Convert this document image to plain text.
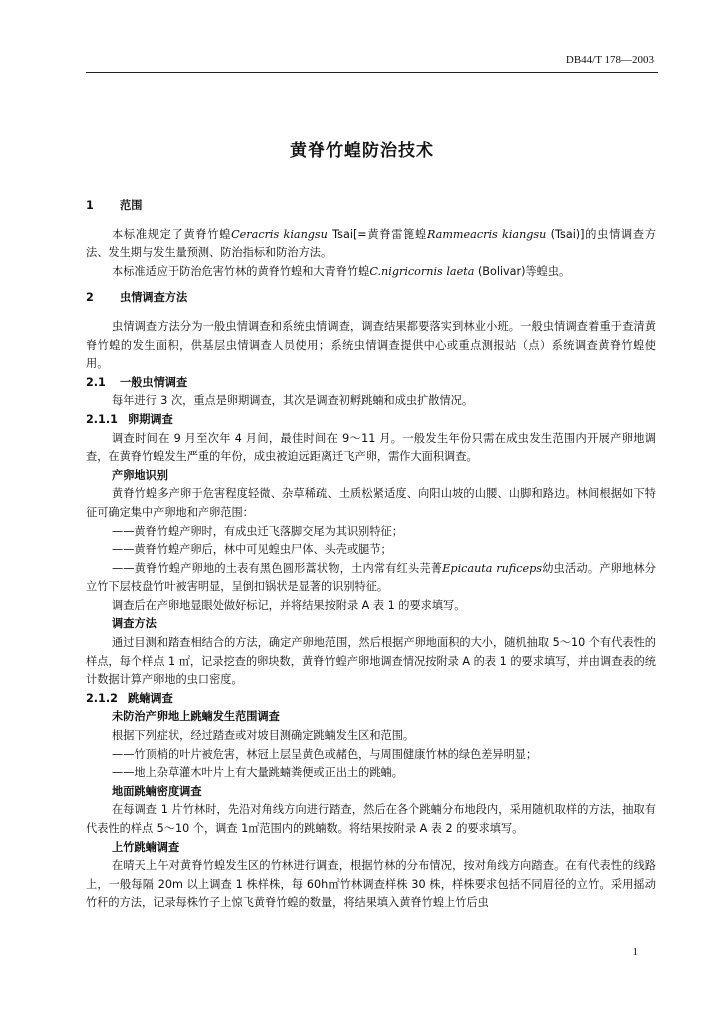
DB44/T 178—2003
黄脊竹蝗防治技术

1 范围

本标准规定了黄脊竹蝗Ceracris kiangsu Tsai[=黄脊雷篦蝗Rammeacris kiangsu (Tsai)]的虫情调查方法、发生期与发生量预测、防治指标和防治方法。

本标准适应于防治危害竹林的黄脊竹蝗和大青脊竹蝗C.nigricornis laeta (Bolivar)等蝗虫。

2 虫情调查方法

虫情调查方法分为一般虫情调查和系统虫情调查，调查结果都要落实到林业小班。一般虫情调查着重于查清黄脊竹蝗的发生面积，供基层虫情调查人员使用；系统虫情调查提供中心或重点测报站（点）系统调查黄脊竹蝗使用。

2.1 一般虫情调查

每年进行 3 次，重点是卵期调查，其次是调查初孵跳蝻和成虫扩散情况。

2.1.1 卵期调查

调查时间在 9 月至次年 4 月间，最佳时间在 9～11 月。一般发生年份只需在成虫发生范围内开展产卵地调查，在黄脊竹蝗发生严重的年份，成虫被迫远距离迁飞产卵，需作大面积调查。

产卵地识别

黄脊竹蝗多产卵于危害程度轻微、杂草稀疏、土质松紧适度、向阳山坡的山腰、山脚和路边。林间根据如下特征可确定集中产卵地和产卵范围：

——黄脊竹蝗产卵时，有成虫迁飞落脚交尾为其识别特征；

——黄脊竹蝗产卵后，林中可见蝗虫尸体、头壳或腿节；

——黄脊竹蝗产卵地的土表有黑色圆形蒿状物，土内常有红头芫菁Epicauta ruficeps幼虫活动。产卵地林分立竹下层枝盘竹叶被害明显，呈倒扣锅状是显著的识别特征。

调查后在产卵地显眼处做好标记，并将结果按附录 A 表 1 的要求填写。

调查方法

通过目测和踏查相结合的方法，确定产卵地范围，然后根据产卵地面积的大小，随机抽取 5～10 个有代表性的样点，每个样点 1 ㎡，记录挖查的卵块数，黄脊竹蝗产卵地调查情况按附录 A 的表 1 的要求填写，并由调查表的统计数据计算产卵地的虫口密度。

2.1.2 跳蝻调查

未防治产卵地上跳蝻发生范围调查

根据下列症状，经过踏查或对坡目测确定跳蝻发生区和范围。

——竹顶梢的叶片被危害，林冠上层呈黄色或赭色，与周围健康竹林的绿色差异明显；

——地上杂草灌木叶片上有大量跳蝻粪便或正出土的跳蝻。

地面跳蝻密度调查

在每调查 1 片竹林时，先沿对角线方向进行踏查，然后在各个跳蝻分布地段内，采用随机取样的方法，抽取有代表性的样点 5～10 个，调查 1㎡范围内的跳蝻数。将结果按附录 A 表 2 的要求填写。

上竹跳蝻调查

在晴天上午对黄脊竹蝗发生区的竹林进行调查，根据竹林的分布情况，按对角线方向踏查。在有代表性的线路上，一般每隔 20m 以上调查 1 株样株，每 60h㎡竹林调查样株 30 株，样株要求包括不同眉径的立竹。采用摇动竹秆的方法，记录每株竹子上惊飞黄脊竹蝗的数量，将结果填入黄脊竹蝗上竹后虫

1
